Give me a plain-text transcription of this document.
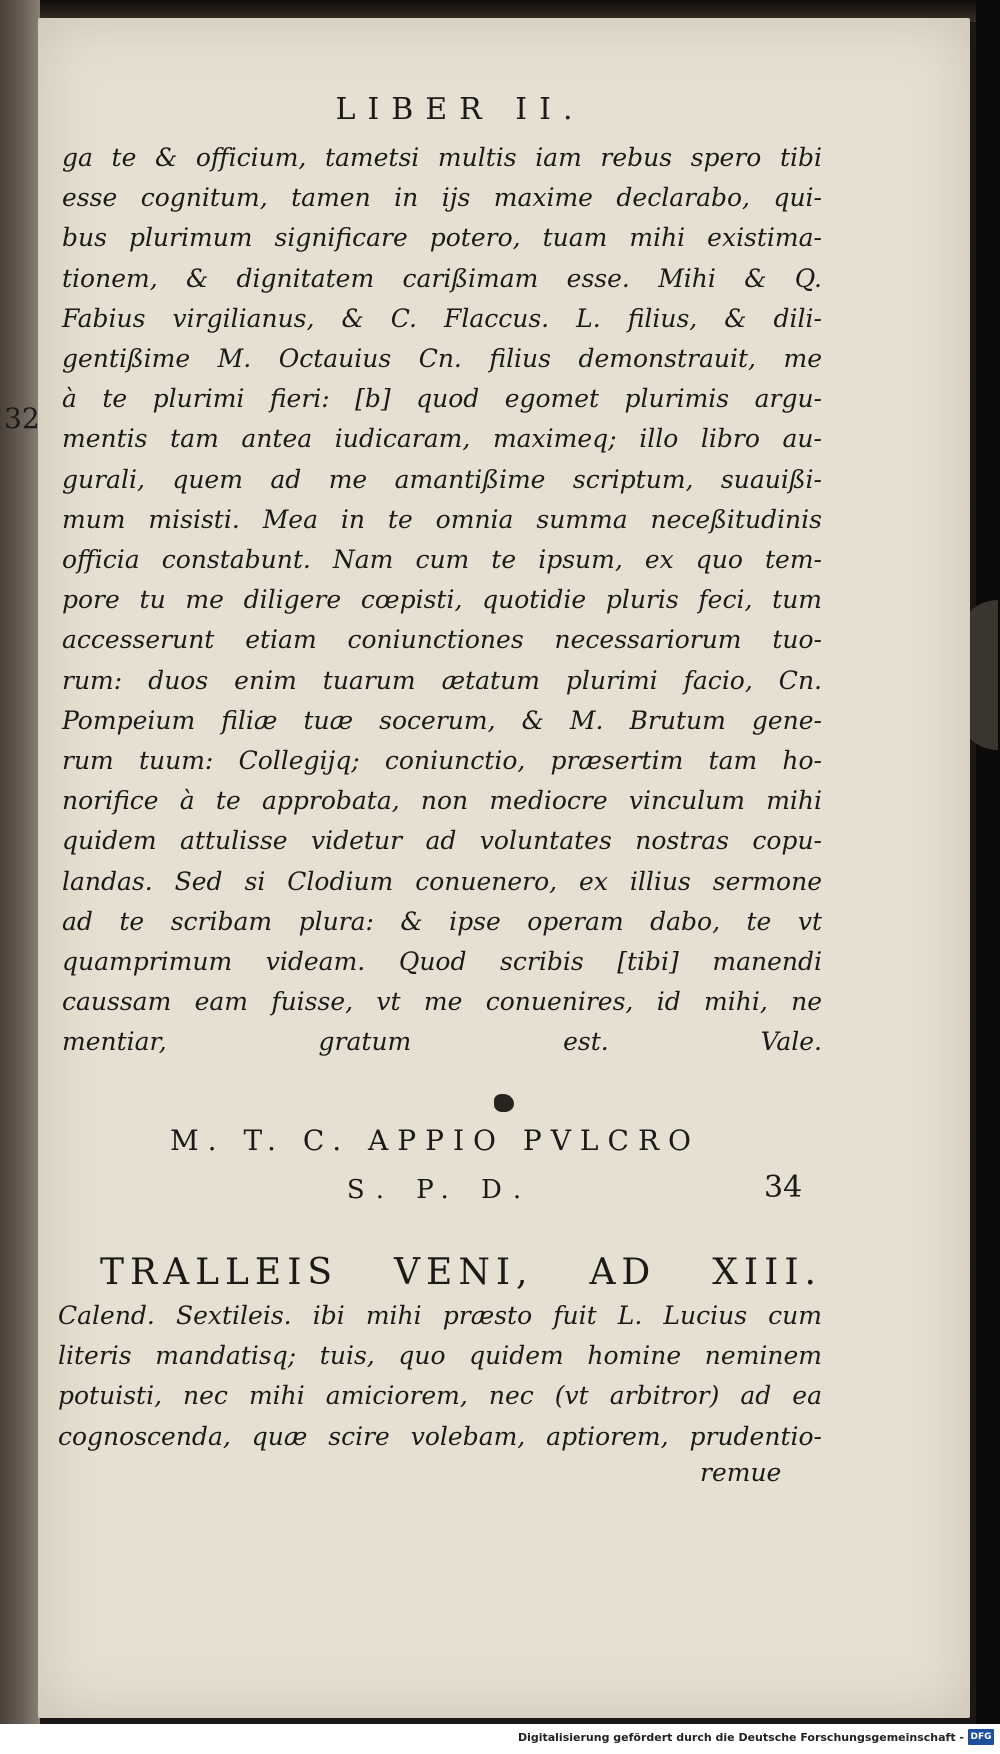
LIBER II.
32
ga te & officium, tametsi multis iam rebus spero tibi
esse cognitum, tamen in ijs maxime declarabo, qui-
bus plurimum significare potero, tuam mihi existima-
tionem, & dignitatem carißimam esse. Mihi & Q.
Fabius virgilianus, & C. Flaccus. L. filius, & dili-
gentißime M. Octauius Cn. filius demonstrauit, me
à te plurimi fieri: [b] quod egomet plurimis argu-
mentis tam antea iudicaram, maximeq; illo libro au-
gurali, quem ad me amantißime scriptum, suauißi-
mum misisti. Mea in te omnia summa neceßitudinis
officia constabunt. Nam cum te ipsum, ex quo tem-
pore tu me diligere cœpisti, quotidie pluris feci, tum
accesserunt etiam coniunctiones necessariorum tuo-
rum: duos enim tuarum ætatum plurimi facio, Cn.
Pompeium filiæ tuæ socerum, & M. Brutum gene-
rum tuum: Collegijq; coniunctio, præsertim tam ho-
norifice à te approbata, non mediocre vinculum mihi
quidem attulisse videtur ad voluntates nostras copu-
landas. Sed si Clodium conuenero, ex illius sermone
ad te scribam plura: & ipse operam dabo, te vt
quamprimum videam. Quod scribis [tibi] manendi
caussam eam fuisse, vt me conuenires, id mihi, ne
mentiar, gratum est. Vale.
M. T. C. APPIO PVLCRO
S. P. D.	34
TRALLEIS VENI, AD XIII.
Calend. Sextileis. ibi mihi præsto fuit L. Lucius cum
literis mandatisq; tuis, quo quidem homine neminem
potuisti, nec mihi amiciorem, nec (vt arbitror) ad ea
cognoscenda, quæ scire volebam, aptiorem, prudentio-
remue
Digitalisierung gefördert durch die Deutsche Forschungsgemeinschaft - DFG
